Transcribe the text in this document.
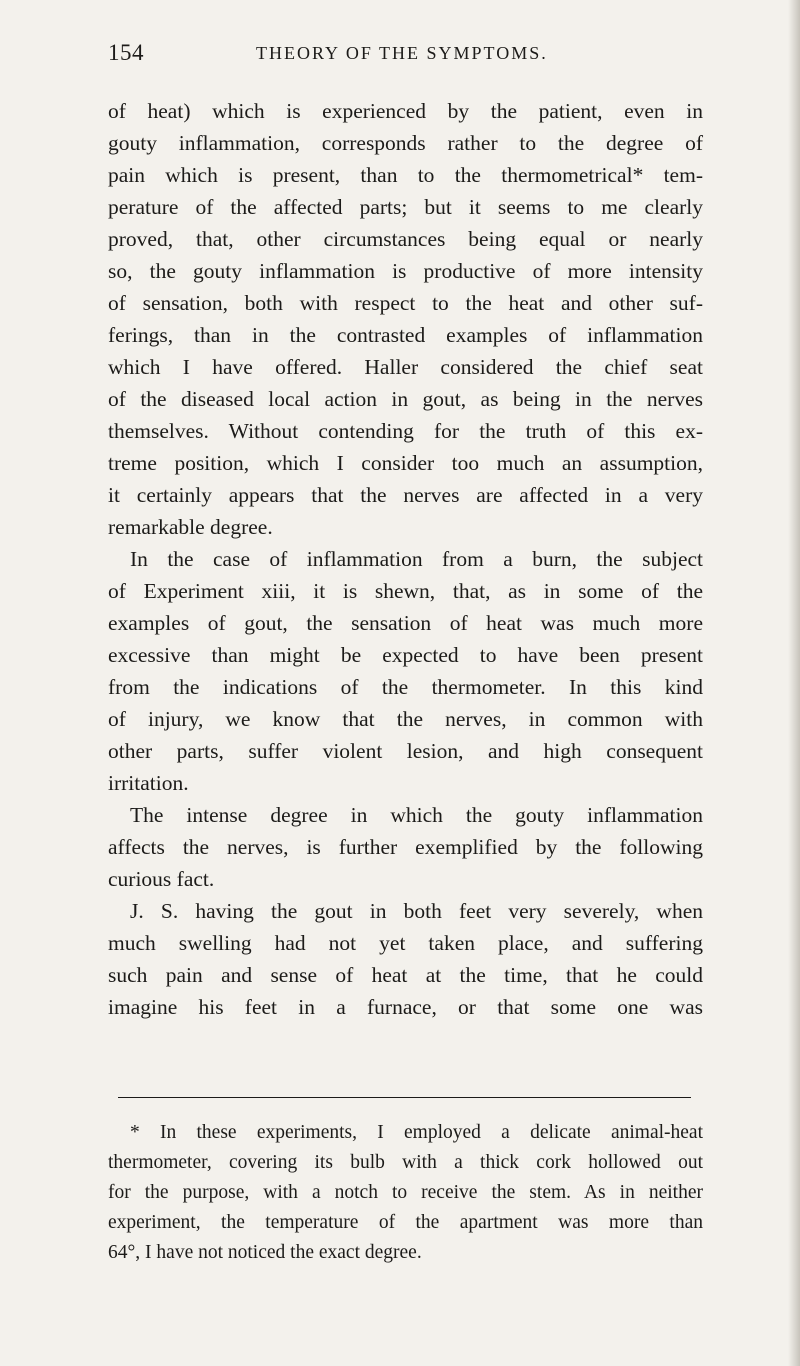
154	THEORY OF THE SYMPTOMS.
of heat) which is experienced by the patient, even in
gouty inflammation, corresponds rather to the degree of
pain which is present, than to the thermometrical* tem-
perature of the affected parts; but it seems to me clearly
proved, that, other circumstances being equal or nearly
so, the gouty inflammation is productive of more intensity
of sensation, both with respect to the heat and other suf-
ferings, than in the contrasted examples of inflammation
which I have offered. Haller considered the chief seat
of the diseased local action in gout, as being in the nerves
themselves. Without contending for the truth of this ex-
treme position, which I consider too much an assumption,
it certainly appears that the nerves are affected in a very
remarkable degree.
In the case of inflammation from a burn, the subject
of Experiment xiii, it is shewn, that, as in some of the
examples of gout, the sensation of heat was much more
excessive than might be expected to have been present
from the indications of the thermometer. In this kind
of injury, we know that the nerves, in common with
other parts, suffer violent lesion, and high consequent
irritation.
The intense degree in which the gouty inflammation
affects the nerves, is further exemplified by the following
curious fact.
J. S. having the gout in both feet very severely, when
much swelling had not yet taken place, and suffering
such pain and sense of heat at the time, that he could
imagine his feet in a furnace, or that some one was
* In these experiments, I employed a delicate animal-heat
thermometer, covering its bulb with a thick cork hollowed out
for the purpose, with a notch to receive the stem. As in neither
experiment, the temperature of the apartment was more than
64°, I have not noticed the exact degree.
